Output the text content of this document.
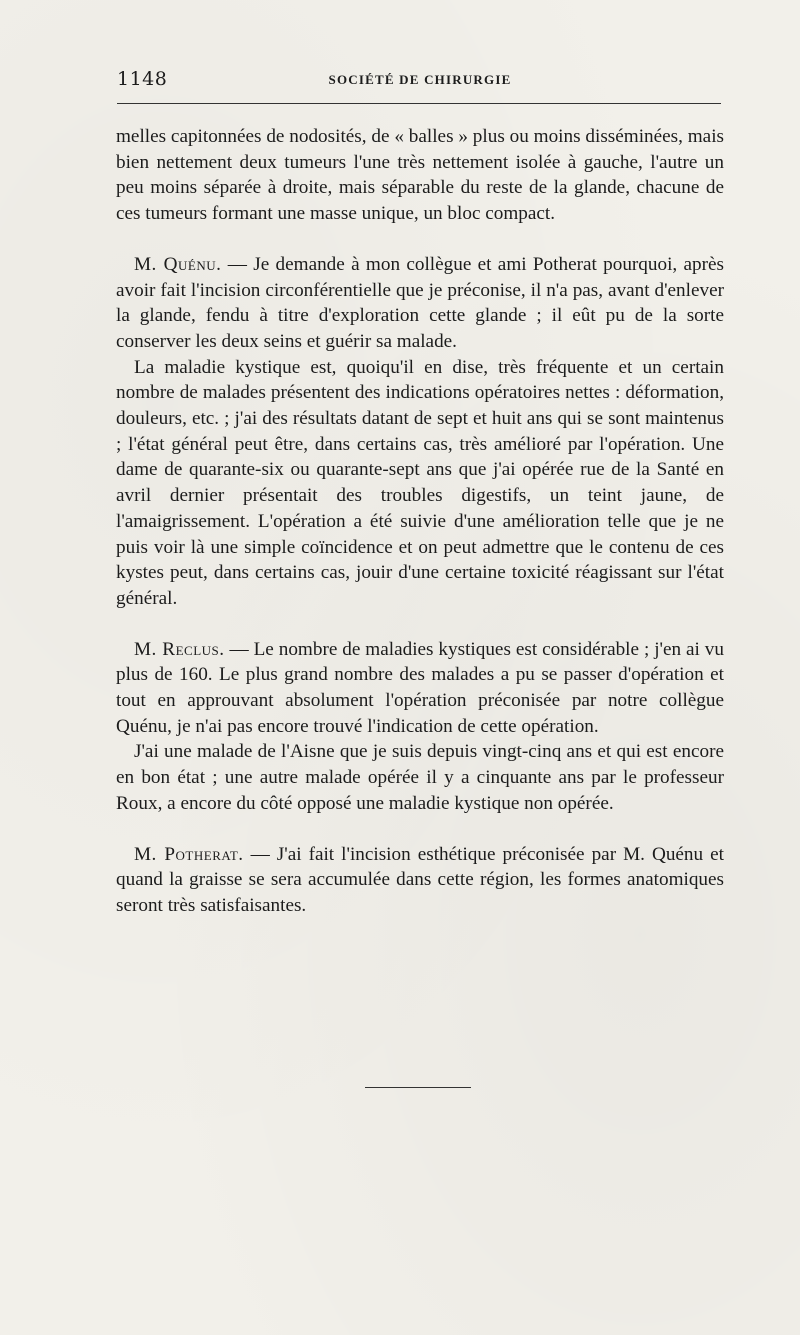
1148	SOCIÉTÉ DE CHIRURGIE

melles capitonnées de nodosités, de « balles » plus ou moins disséminées, mais bien nettement deux tumeurs l'une très nettement isolée à gauche, l'autre un peu moins séparée à droite, mais séparable du reste de la glande, chacune de ces tumeurs formant une masse unique, un bloc compact.

M. Quénu. — Je demande à mon collègue et ami Potherat pourquoi, après avoir fait l'incision circonférentielle que je préconise, il n'a pas, avant d'enlever la glande, fendu à titre d'exploration cette glande ; il eût pu de la sorte conserver les deux seins et guérir sa malade.

La maladie kystique est, quoiqu'il en dise, très fréquente et un certain nombre de malades présentent des indications opératoires nettes : déformation, douleurs, etc. ; j'ai des résultats datant de sept et huit ans qui se sont maintenus ; l'état général peut être, dans certains cas, très amélioré par l'opération. Une dame de quarante-six ou quarante-sept ans que j'ai opérée rue de la Santé en avril dernier présentait des troubles digestifs, un teint jaune, de l'amaigrissement. L'opération a été suivie d'une amélioration telle que je ne puis voir là une simple coïncidence et on peut admettre que le contenu de ces kystes peut, dans certains cas, jouir d'une certaine toxicité réagissant sur l'état général.

M. Reclus. — Le nombre de maladies kystiques est considérable ; j'en ai vu plus de 160. Le plus grand nombre des malades a pu se passer d'opération et tout en approuvant absolument l'opération préconisée par notre collègue Quénu, je n'ai pas encore trouvé l'indication de cette opération.

J'ai une malade de l'Aisne que je suis depuis vingt-cinq ans et qui est encore en bon état ; une autre malade opérée il y a cinquante ans par le professeur Roux, a encore du côté opposé une maladie kystique non opérée.

M. Potherat. — J'ai fait l'incision esthétique préconisée par M. Quénu et quand la graisse se sera accumulée dans cette région, les formes anatomiques seront très satisfaisantes.
